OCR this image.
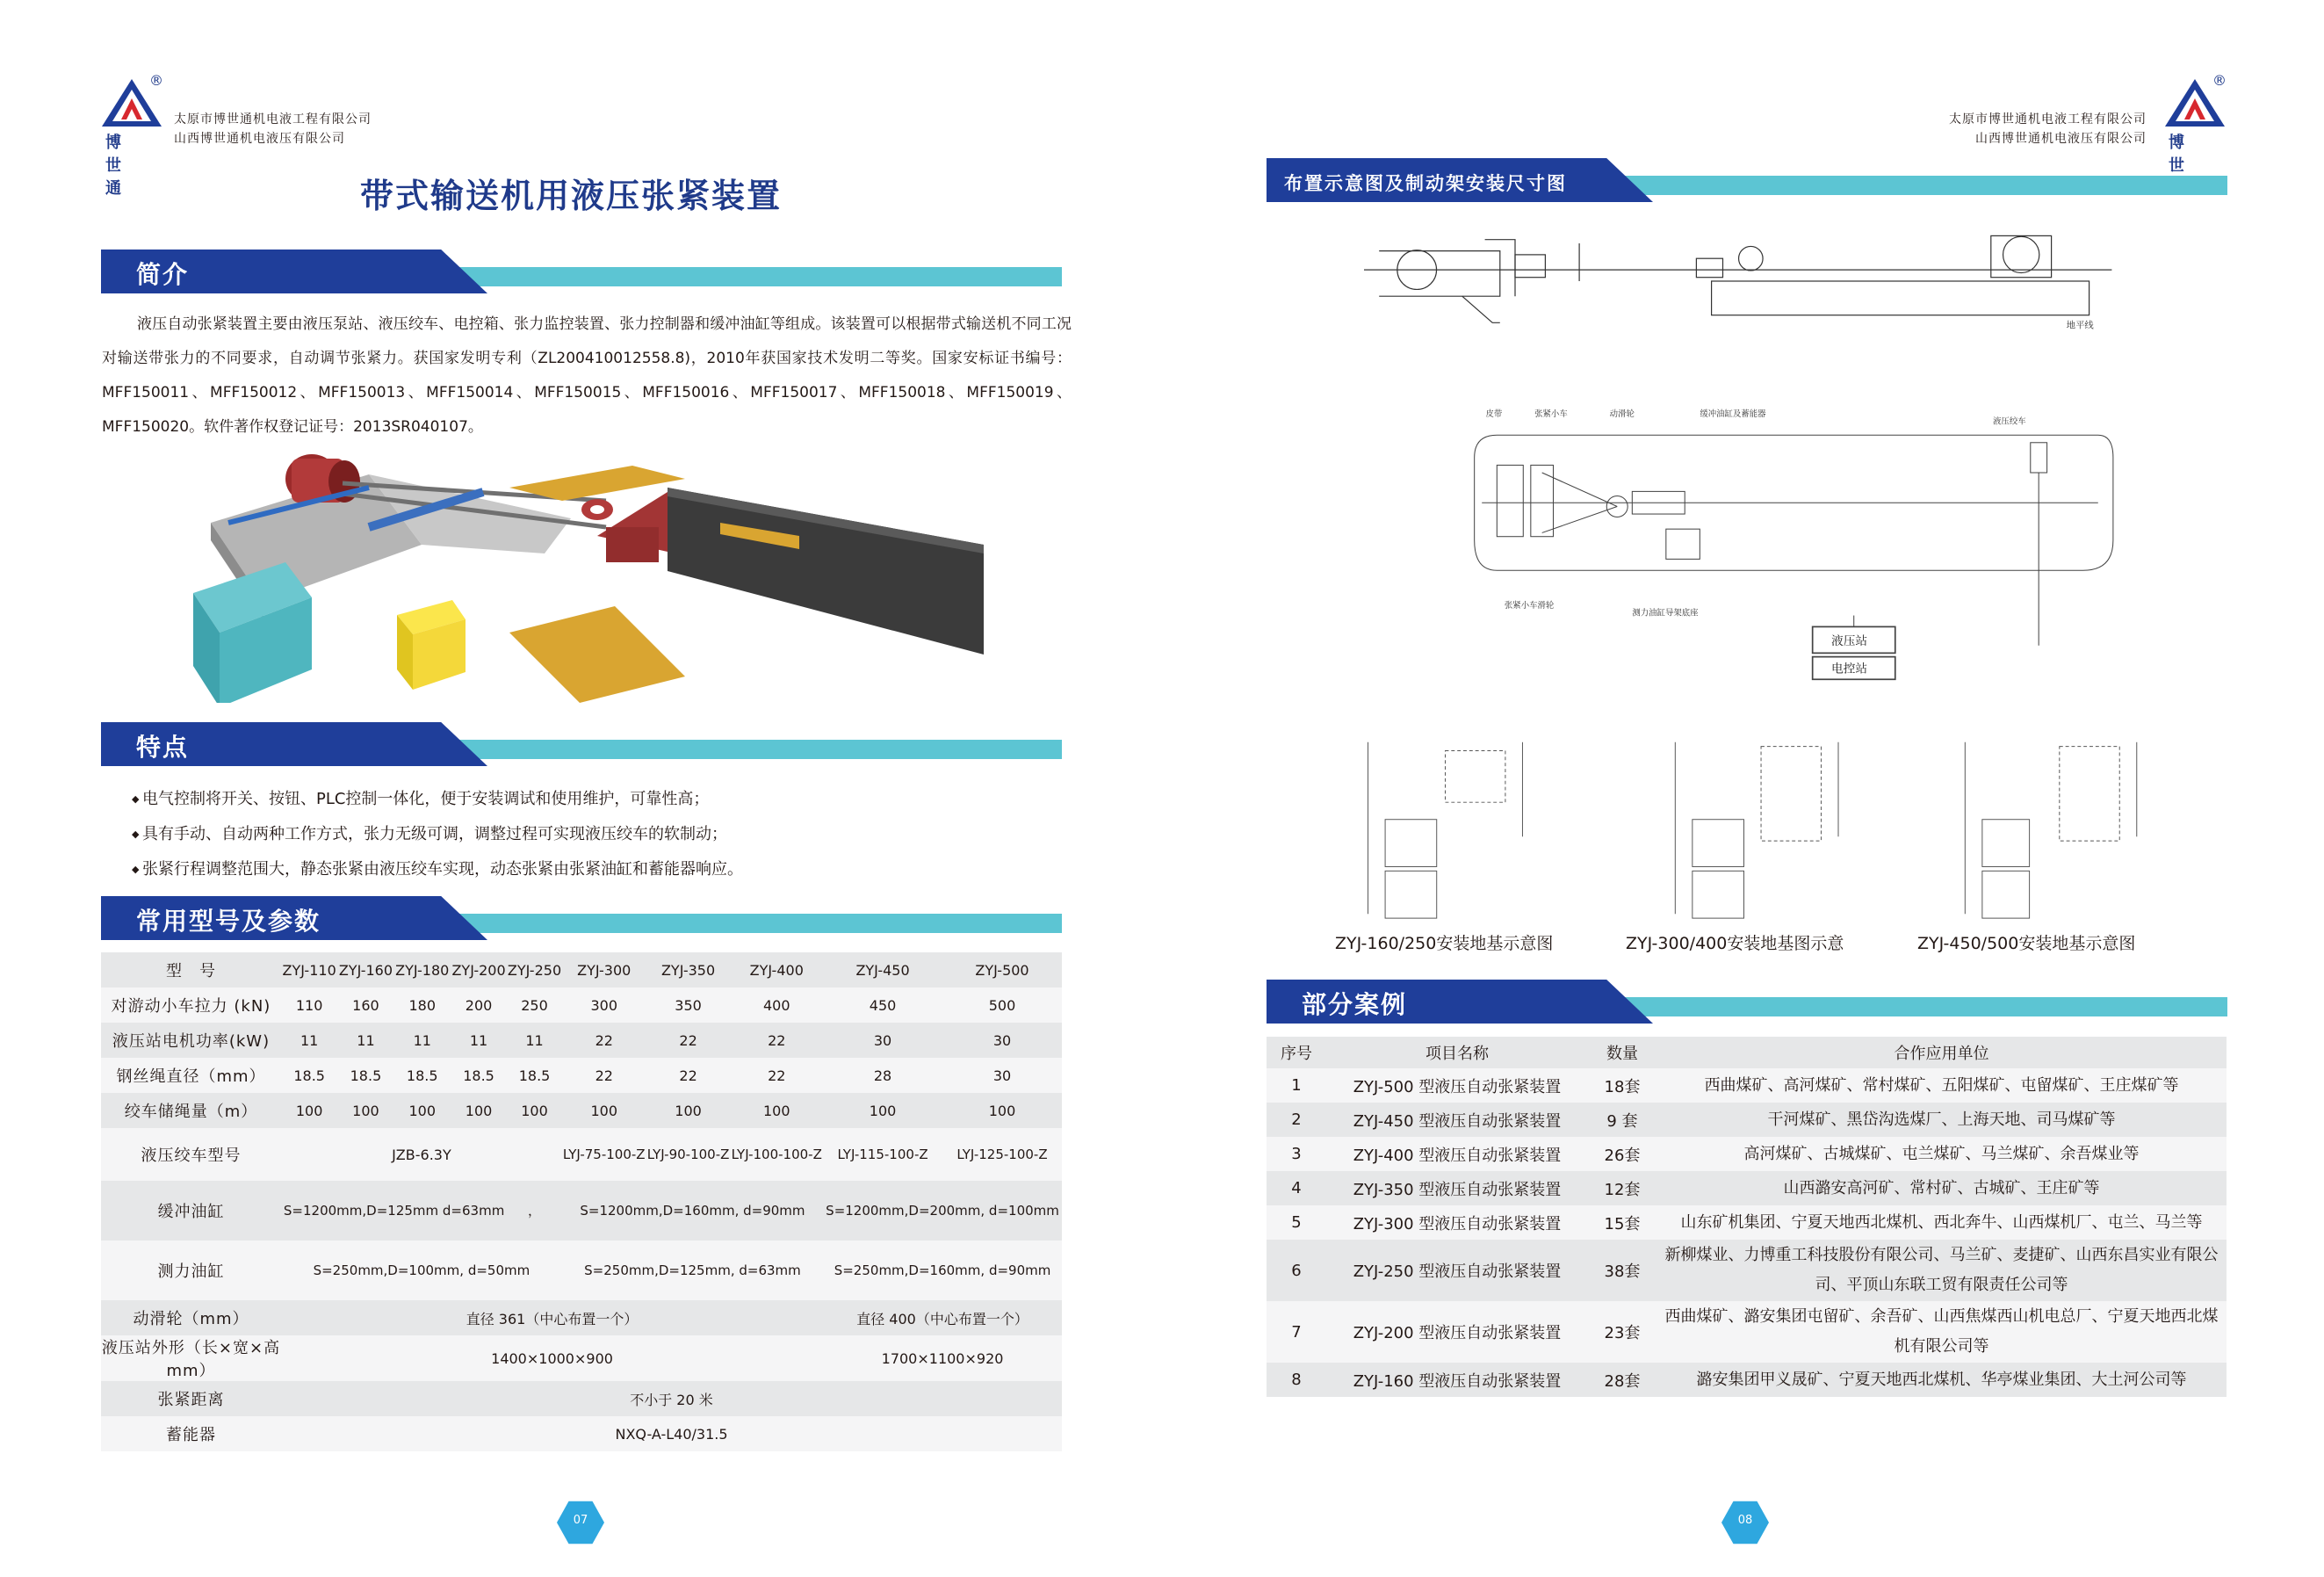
®
博世通
太原市博世通机电液工程有限公司
山西博世通机电液压有限公司
带式输送机用液压张紧装置
简介
液压自动张紧装置主要由液压泵站、液压绞车、电控箱、张力监控装置、张力控制器和缓冲油缸等组成。该装置可以根据带式输送机不同工况对输送带张力的不同要求，自动调节张紧力。获国家发明专利（ZL200410012558.8)，2010年获国家技术发明二等奖。国家安标证书编号：MFF150011、MFF150012、MFF150013、MFF150014、MFF150015、MFF150016、MFF150017、MFF150018、MFF150019、MFF150020。软件著作权登记证号：2013SR040107。
特点
◆ 电气控制将开关、按钮、PLC控制一体化，便于安装调试和使用维护，可靠性高；
◆ 具有手动、自动两种工作方式，张力无级可调，调整过程可实现液压绞车的软制动；
◆ 张紧行程调整范围大，静态张紧由液压绞车实现，动态张紧由张紧油缸和蓄能器响应。
常用型号及参数
型　号	ZYJ-110	ZYJ-160	ZYJ-180	ZYJ-200	ZYJ-250	ZYJ-300	ZYJ-350	ZYJ-400	ZYJ-450	ZYJ-500
对游动小车拉力 (kN)	110	160	180	200	250	300	350	400	450	500
液压站电机功率(kW)	11	11	11	11	11	22	22	22	30	30
钢丝绳直径（mm）	18.5	18.5	18.5	18.5	18.5	22	22	22	28	30
绞车储绳量（m）	100	100	100	100	100	100	100	100	100	100
液压绞车型号	JZB-6.3Y					LYJ-75-100-Z	LYJ-90-100-Z	LYJ-100-100-Z	LYJ-115-100-Z	LYJ-125-100-Z
缓冲油缸	S=1200mm,D=125mm d=63mm				，	S=1200mm,D=160mm, d=90mm			S=1200mm,D=200mm, d=100mm	
测力油缸	S=250mm,D=100mm, d=50mm					S=250mm,D=125mm, d=63mm			S=250mm,D=160mm, d=90mm	
动滑轮（mm）	直径 361（中心布置一个）								直径 400（中心布置一个）	
液压站外形（长×宽×高 mm）	1400×1000×900								1700×1100×920	
张紧距离	不小于 20 米									
蓄能器	NXQ-A-L40/31.5									
07
太原市博世通机电液工程有限公司
山西博世通机电液压有限公司
®
博世
布置示意图及制动架安装尺寸图
地平线
皮带	张紧小车	动滑轮	缓冲油缸及蓄能器
液压绞车
张紧小车滑轮
测力油缸导架底座
液压站
电控站
ZYJ-160/250安装地基示意图	ZYJ-300/400安装地基图示意	ZYJ-450/500安装地基示意图
部分案例
序号	项目名称	数量	合作应用单位
1	ZYJ-500 型液压自动张紧装置	18套	西曲煤矿、高河煤矿、常村煤矿、五阳煤矿、屯留煤矿、王庄煤矿等
2	ZYJ-450 型液压自动张紧装置	9 套	干河煤矿、黑岱沟选煤厂、上海天地、司马煤矿等
3	ZYJ-400 型液压自动张紧装置	26套	高河煤矿、古城煤矿、屯兰煤矿、马兰煤矿、余吾煤业等
4	ZYJ-350 型液压自动张紧装置	12套	山西潞安高河矿、常村矿、古城矿、王庄矿等
5	ZYJ-300 型液压自动张紧装置	15套	山东矿机集团、宁夏天地西北煤机、西北奔牛、山西煤机厂、屯兰、马兰等
6	ZYJ-250 型液压自动张紧装置	38套	新柳煤业、力博重工科技股份有限公司、马兰矿、麦捷矿、山西东昌实业有限公司、平顶山东联工贸有限责任公司等
7	ZYJ-200 型液压自动张紧装置	23套	西曲煤矿、潞安集团屯留矿、余吾矿、山西焦煤西山机电总厂、宁夏天地西北煤机有限公司等
8	ZYJ-160 型液压自动张紧装置	28套	潞安集团甲义晟矿、宁夏天地西北煤机、华亭煤业集团、大土河公司等
08
